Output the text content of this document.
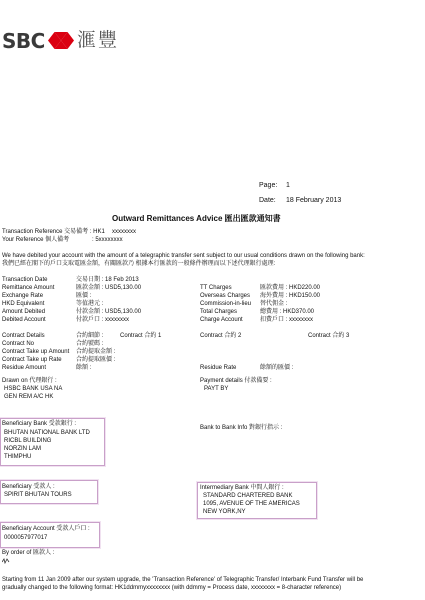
SBC 滙豐
Page: 1
Date: 18 February 2013
Outward Remittances Advice 匯出匯款通知書
Transaction Reference 交易備考 : HK1 xxxxxxxx
Your Reference 個人備考	: 5xxxxxxxx
We have debited your account with the amount of a telegraphic transfer sent subject to our usual conditions drawn on the following bank:
我們已經在閣下的戶口支取電匯金額，有關匯款乃 根據本行匯款的一般條件辦理而以下述代理銀行處理:
Transaction Date	交易日期 : 18 Feb 2013
Remittance Amount	匯款金額 : USD5,130.00
Exchange Rate	匯價 :
HKD Equivalent	等值港元 :
Amount Debited	付款金額 : USD5,130.00
Debited Account	付款戶口 : xxxxxxxx
TT Charges	匯款費用 : HKD220.00
Overseas Charges 海外費用 : HKD150.00
Commission-in-lieu 替代佣金 :
Total Charges	總費用 : HKD370.00
Charge Account	扣費戶口 : xxxxxxxx
Contract Details	合約細節 :
Contract No	合約號碼 :
Contract Take up Amount 合約提取金額 :
Contract Take up Rate 合約提取匯價 :
Residue Amount	餘額 :
Contract 合約 1	Contract 合約 2	Contract 合約 3
Residue Rate	餘額的匯價 :
Drawn on 代理銀行 :
HSBC BANK USA NA
GEN REM A/C HK
Payment details 付款備要 :
PAYT BY
Beneficiary Bank 受款銀行 :
BHUTAN NATIONAL BANK LTD
RICBL BUILDING
NORZIN LAM
THIMPHU
Bank to Bank Info 對銀行指示 :
Beneficiary 受款人 :
SPIRIT BHUTAN TOURS
Intermediary Bank 中間人銀行 :
STANDARD CHARTERED BANK
1095, AVENUE OF THE AMERICAS
NEW YORK,NY
Beneficiary Account 受款人戶口 :
0000057977017
By order of 匯款人 :
Starting from 11 Jan 2009 after our system upgrade, the 'Transaction Reference' of Telegraphic Transfer/ Interbank Fund Transfer will be
gradually changed to the following format: HK1ddmmyxxxxxxxx (with ddmmy = Process date, xxxxxxxx = 8-character reference)
